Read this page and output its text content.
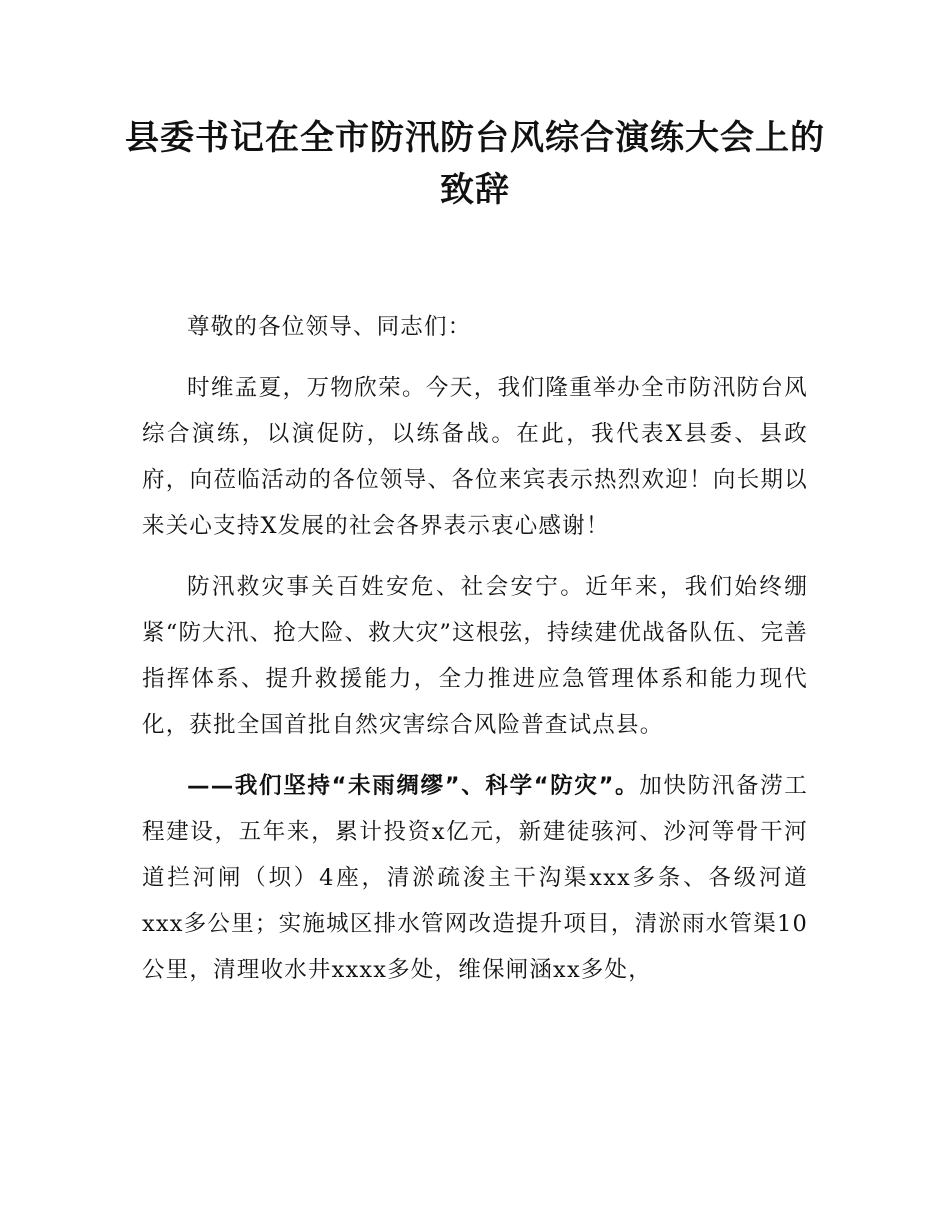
县委书记在全市防汛防台风综合演练大会上的致辞

尊敬的各位领导、同志们：

时维孟夏，万物欣荣。今天，我们隆重举办全市防汛防台风综合演练，以演促防，以练备战。在此，我代表X县委、县政府，向莅临活动的各位领导、各位来宾表示热烈欢迎！向长期以来关心支持X发展的社会各界表示衷心感谢！

防汛救灾事关百姓安危、社会安宁。近年来，我们始终绷紧“防大汛、抢大险、救大灾”这根弦，持续建优战备队伍、完善指挥体系、提升救援能力，全力推进应急管理体系和能力现代化，获批全国首批自然灾害综合风险普查试点县。

——我们坚持“未雨绸缪”、科学“防灾”。加快防汛备涝工程建设，五年来，累计投资x亿元，新建徒骇河、沙河等骨干河道拦河闸（坝）4座，清淤疏浚主干沟渠xxx多条、各级河道xxx多公里；实施城区排水管网改造提升项目，清淤雨水管渠10公里，清理收水井xxxx多处，维保闸涵xx多处，
